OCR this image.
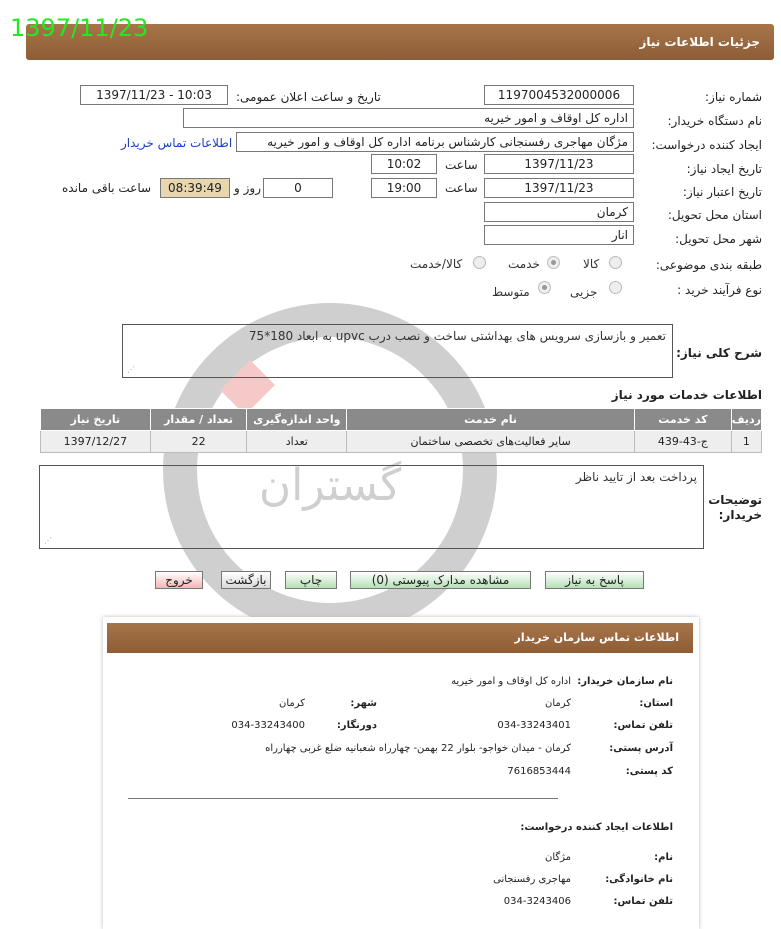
گستران
1397/11/23	جزئیات اطلاعات نیاز
شماره نیاز:
1197004532000006
تاریخ و ساعت اعلان عمومی:
1397/11/23 - 10:03
نام دستگاه خریدار:
اداره کل اوقاف و امور خیریه
ایجاد کننده درخواست:
مژگان مهاجری رفسنجانی کارشناس برنامه اداره کل اوقاف و امور خیریه
اطلاعات تماس خریدار
تاریخ ایجاد نیاز:
1397/11/23
ساعت
10:02
تاریخ اعتبار نیاز:
1397/11/23
ساعت
19:00
0
روز و
08:39:49
ساعت باقی مانده
استان محل تحویل:
کرمان
شهر محل تحویل:
انار
طبقه بندی موضوعی:
کالا
خدمت
کالا/خدمت
نوع فرآیند خرید :
جزیی
متوسط
شرح کلی نیاز:
تعمیر و بازسازی سرویس های بهداشتی ساخت و نصب درب upvc به ابعاد 180*75
⋰
اطلاعات خدمات مورد نیاز
تاریخ نیاز	تعداد / مقدار	واحد اندازه‌گیری	نام خدمت	کد خدمت	ردیف
1397/12/27	22	تعداد	سایر فعالیت‌های تخصصی ساختمان	ج-43-439	1
توضیحات خریدار:
پرداخت بعد از تایید ناظر
⋰
پاسخ به نیاز
مشاهده مدارک پیوستی (0)
چاپ
بازگشت
خروج
اطلاعات تماس سازمان خریدار
نام سازمان خریدار:
اداره کل اوقاف و امور خیریه
استان:
کرمان
شهر:
کرمان
تلفن تماس:
034-33243401
دورنگار:
034-33243400
آدرس پستی:
کرمان - میدان خواجو- بلوار 22 بهمن- چهارراه شعبانیه ضلع غربی چهارراه
کد پستی:
7616853444
اطلاعات ایجاد کننده درخواست:
نام:
مژگان
نام خانوادگی:
مهاجری رفسنجانی
تلفن تماس:
034-3243406
